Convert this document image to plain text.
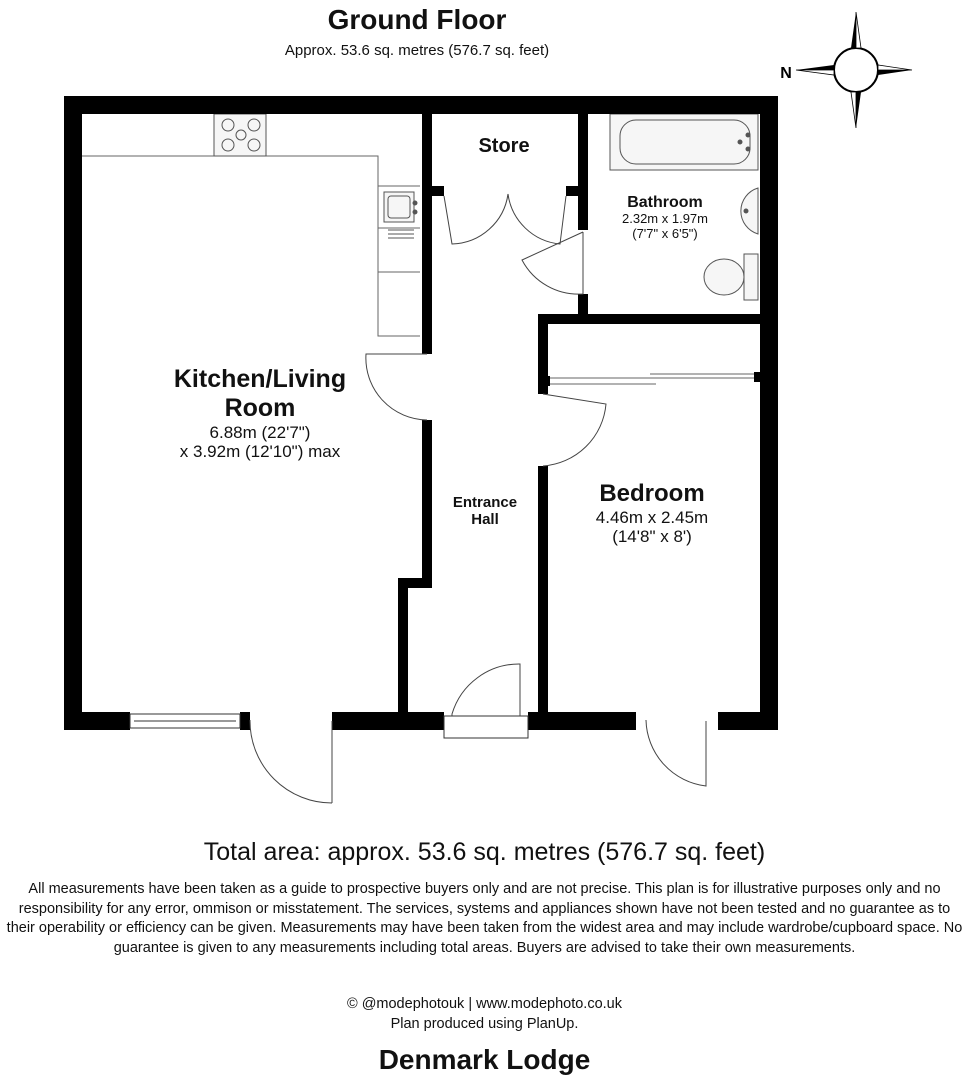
Ground Floor
Approx. 53.6 sq. metres (576.7 sq. feet)
N
Kitchen/Living
Room
6.88m (22'7")
x 3.92m (12'10") max
Store
Bathroom
2.32m x 1.97m
(7'7" x 6'5")
Entrance
Hall
Bedroom
4.46m x 2.45m
(14'8" x 8')
Total area: approx. 53.6 sq. metres (576.7 sq. feet)
All measurements have been taken as a guide to prospective buyers only and are not precise. This plan is for illustrative purposes only and no responsibility for any error, ommison or misstatement. The services, systems and appliances shown have not been tested and no guarantee as to their operability or efficiency can be given. Measurements may have been taken from the widest area and may include wardrobe/cupboard space. No guarantee is given to any measurements including total areas. Buyers are advised to take their own measurements.
© @modephotouk | www.modephoto.co.uk
Plan produced using PlanUp.
Denmark Lodge
